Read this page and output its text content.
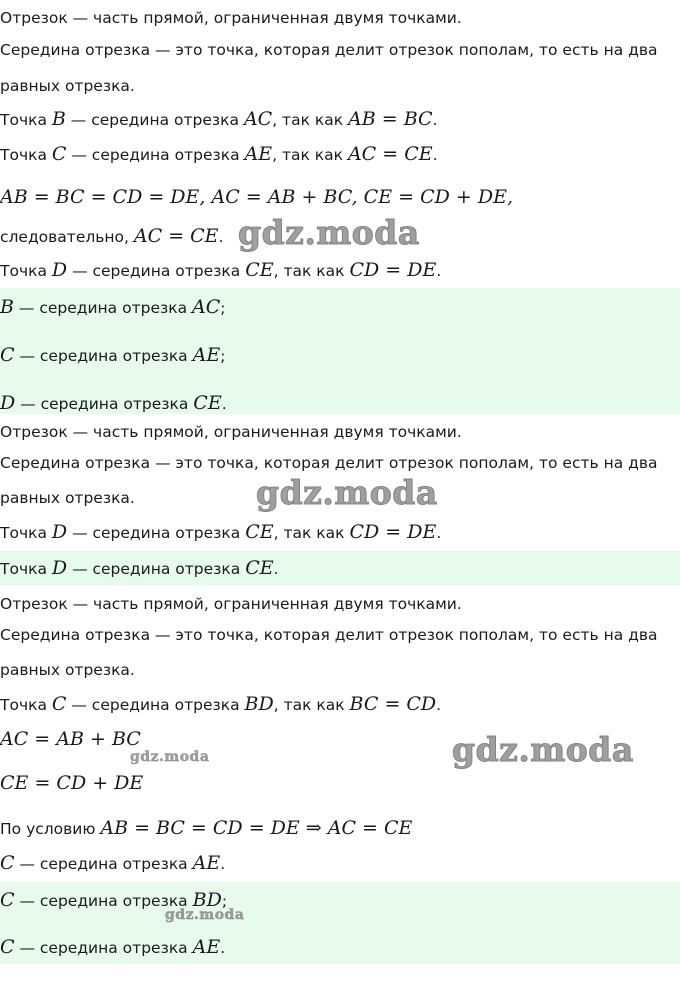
Отрезок — часть прямой, ограниченная двумя точками.
Середина отрезка — это точка, которая делит отрезок пополам, то есть на два
равных отрезка.
Точка B — середина отрезка AC, так как AB = BC.
Точка C — середина отрезка AE, так как AC = CE.
AB = BC = CD = DE, AC = AB + BC, CE = CD + DE,
следовательно, AC = CE.
Точка D — середина отрезка CE, так как CD = DE.
B — середина отрезка AC;
C — середина отрезка AE;
D — середина отрезка CE.
Отрезок — часть прямой, ограниченная двумя точками.
Середина отрезка — это точка, которая делит отрезок пополам, то есть на два
равных отрезка.
Точка D — середина отрезка CE, так как CD = DE.
Точка D — середина отрезка CE.
Отрезок — часть прямой, ограниченная двумя точками.
Середина отрезка — это точка, которая делит отрезок пополам, то есть на два
равных отрезка.
Точка C — середина отрезка BD, так как BC = CD.
AC = AB + BC
CE = CD + DE
По условию AB = BC = CD = DE ⇒ AC = CE
C — середина отрезка AE.
C — середина отрезка BD;
C — середина отрезка AE.
gdz.moda
gdz.moda
gdz.moda
gdz.moda
gdz.moda
